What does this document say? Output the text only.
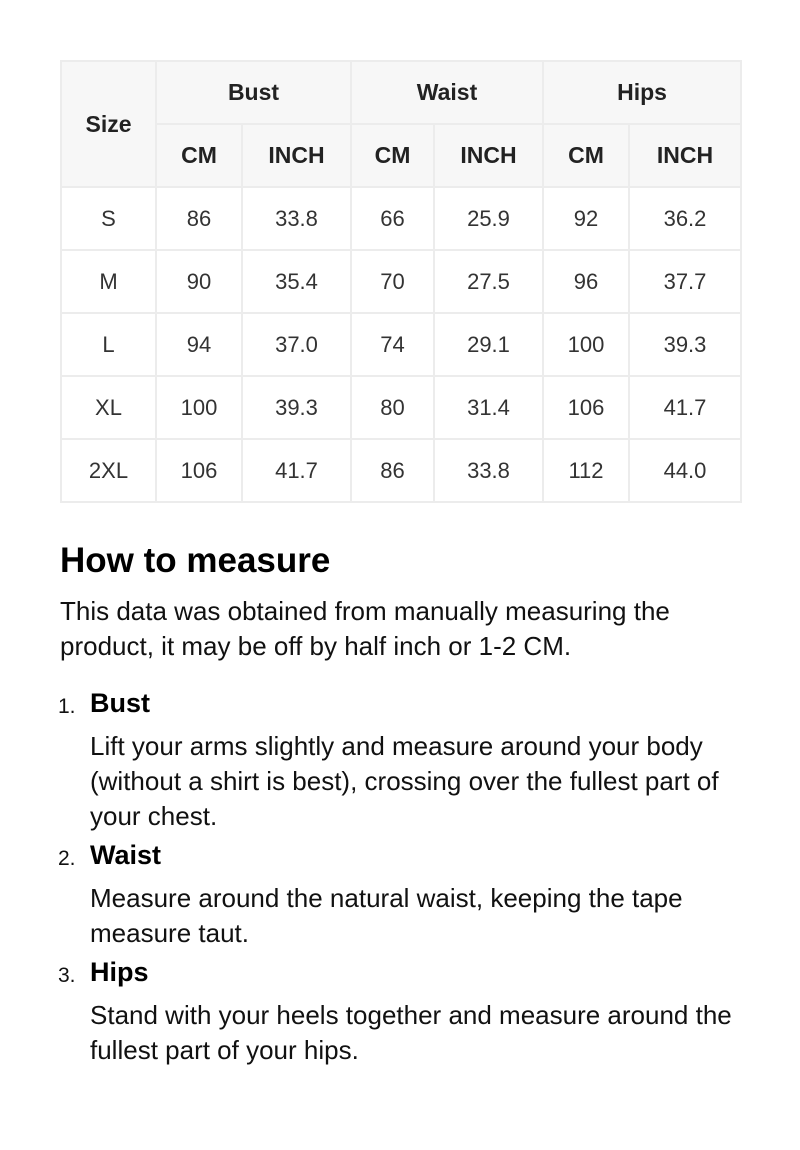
Size	Bust		Waist		Hips	
	CM	INCH	CM	INCH	CM	INCH
S	86	33.8	66	25.9	92	36.2
M	90	35.4	70	27.5	96	37.7
L	94	37.0	74	29.1	100	39.3
XL	100	39.3	80	31.4	106	41.7
2XL	106	41.7	86	33.8	112	44.0
How to measure

This data was obtained from manually measuring the product, it may be off by half inch or 1-2 CM.

1. Bust
Lift your arms slightly and measure around your body (without a shirt is best), crossing over the fullest part of your chest.
2. Waist
Measure around the natural waist, keeping the tape measure taut.
3. Hips
Stand with your heels together and measure around the fullest part of your hips.
